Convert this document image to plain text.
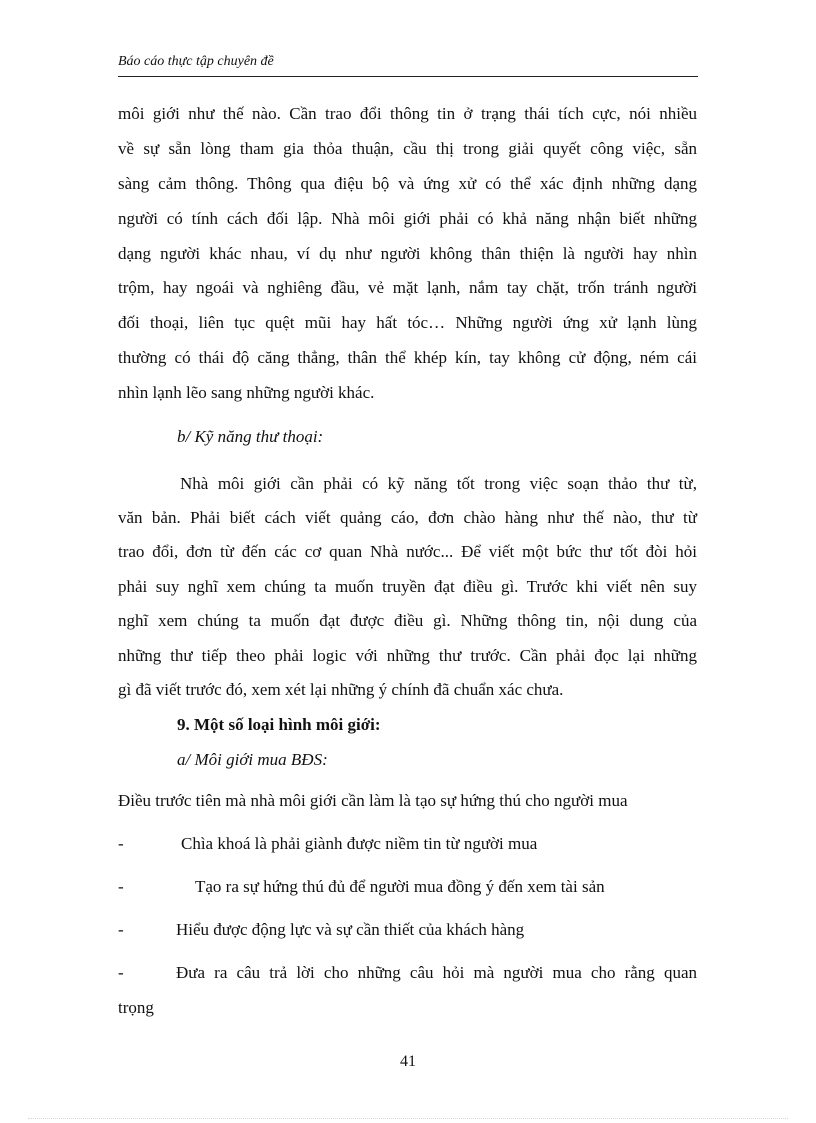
Báo cáo thực tập chuyên đề
môi giới như thế nào. Cần trao đổi thông tin ở trạng thái tích cực, nói nhiều
về sự sẵn lòng tham gia thỏa thuận, cầu thị trong giải quyết công việc, sẵn
sàng cảm thông. Thông qua điệu bộ và ứng xử có thể xác định những dạng
người có tính cách đối lập. Nhà môi giới phải có khả năng nhận biết những
dạng người khác nhau, ví dụ như người không thân thiện là người hay nhìn
trộm, hay ngoái và nghiêng đầu, vẻ mặt lạnh, nắm tay chặt, trốn tránh người
đối thoại, liên tục quệt mũi hay hất tóc… Những người ứng xử lạnh lùng
thường có thái độ căng thẳng, thân thể khép kín, tay không cử động, ném cái
nhìn lạnh lẽo sang những người khác.
b/ Kỹ năng thư thoại:
Nhà môi giới cần phải có kỹ năng tốt trong việc soạn thảo thư từ,
văn bản. Phải biết cách viết quảng cáo, đơn chào hàng như thế nào, thư từ
trao đổi, đơn từ đến các cơ quan Nhà nước... Để viết một bức thư tốt đòi hỏi
phải suy nghĩ xem chúng ta muốn truyền đạt điều gì. Trước khi viết nên suy
nghĩ xem chúng ta muốn đạt được điều gì. Những thông tin, nội dung của
những thư tiếp theo phải logic với những thư trước. Cần phải đọc lại những
gì đã viết trước đó, xem xét lại những ý chính đã chuẩn xác chưa.
9. Một số loại hình môi giới:
a/ Môi giới mua BĐS:
Điều trước tiên mà nhà môi giới cần làm là tạo sự hứng thú cho người mua
-	Chìa khoá là phải giành được niềm tin từ người mua
-	Tạo ra sự hứng thú đủ để người mua đồng ý đến xem tài sản
-	Hiểu được động lực và sự cần thiết của khách hàng
-	Đưa ra câu trả lời cho những câu hỏi mà người mua cho rằng quan
trọng
41
